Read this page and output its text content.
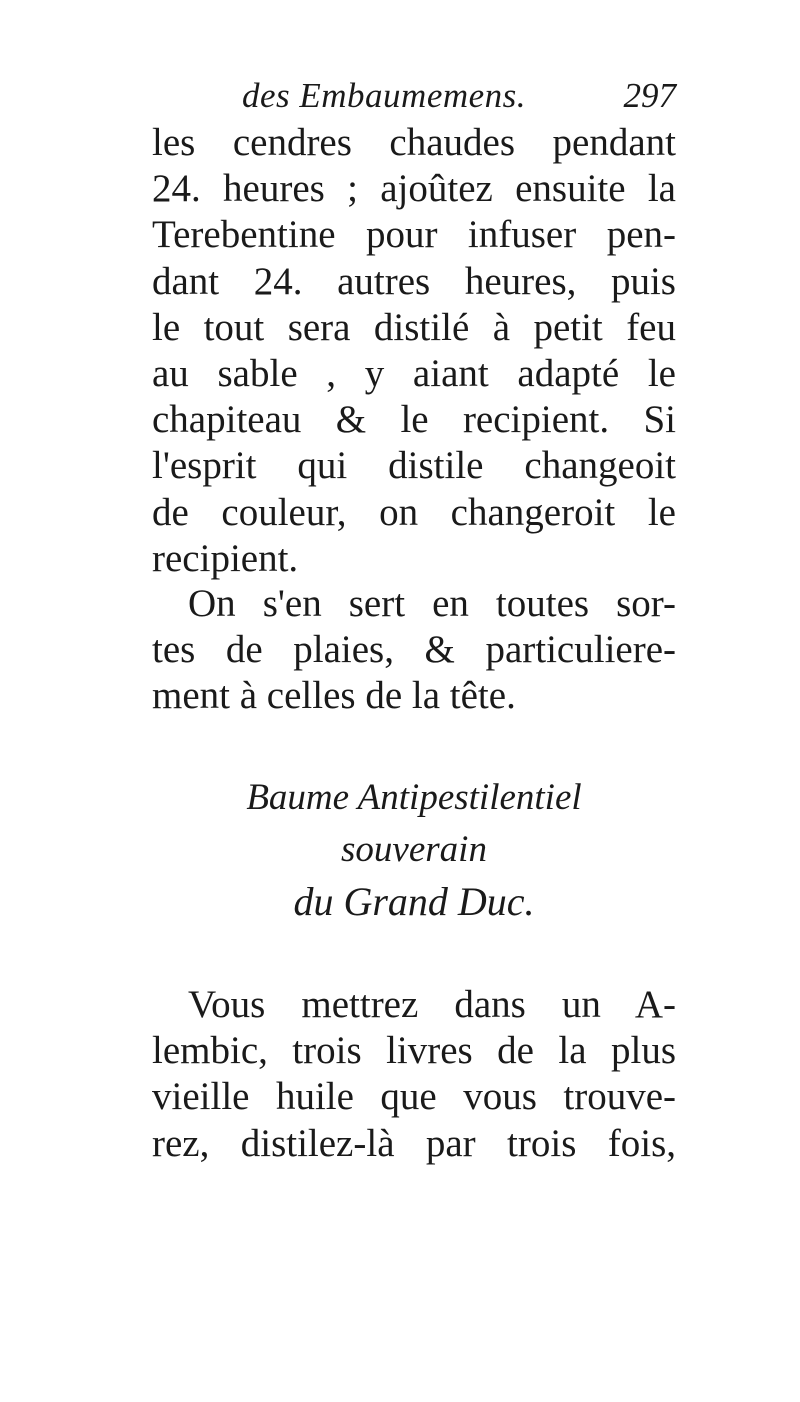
des Embaumemens.	297
les cendres chaudes pendant
24. heures ; ajoûtez ensuite la
Terebentine pour infuser pen-
dant 24. autres heures, puis
le tout sera distilé à petit feu
au sable , y aiant adapté le
chapiteau & le recipient. Si
l'esprit qui distile changeoit
de couleur, on changeroit le
recipient.
On s'en sert en toutes sor-
tes de plaies, & particuliere-
ment à celles de la tête.
Baume Antipestilentiel
souverain
du Grand Duc.
Vous mettrez dans un A-
lembic, trois livres de la plus
vieille huile que vous trouve-
rez, distilez-là par trois fois,
